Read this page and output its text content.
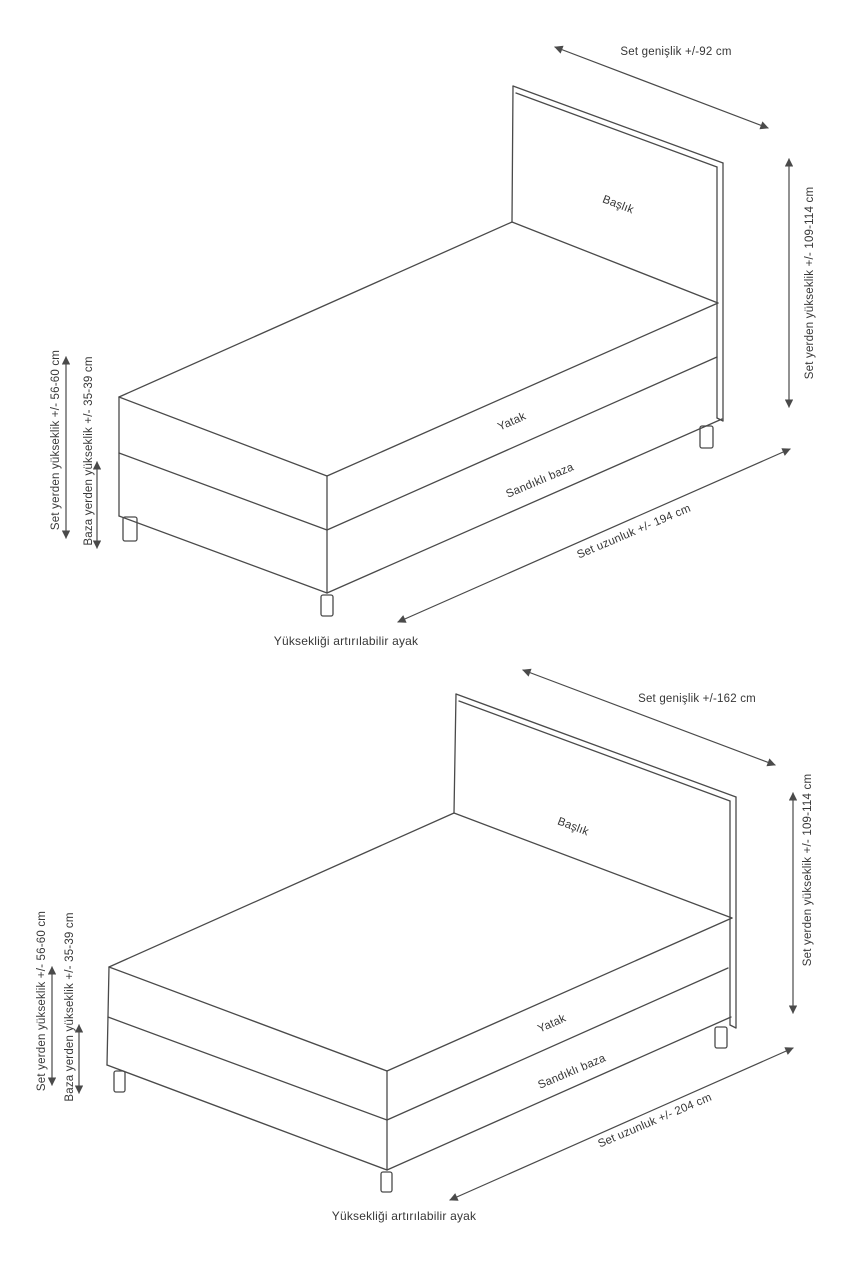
Set genişlik +/-92 cm
Set yerden yükseklik +/- 109-114 cm
Başlık
Yatak
Sandıklı baza
Set yerden yükseklik +/- 56-60 cm Baza yerden yükseklik +/- 35-39 cm	Set uzunluk +/- 194 cm
Yüksekliği artırılabilir ayak
Set genişlik +/-162 cm
Set yerden yükseklik +/- 109-114 cm
Başlık
Yatak
Sandıklı baza
Set yerden yükseklik +/- 56-60 cm Baza yerden yükseklik +/- 35-39 cm
Set uzunluk +/- 204 cm
Yüksekliği artırılabilir ayak
